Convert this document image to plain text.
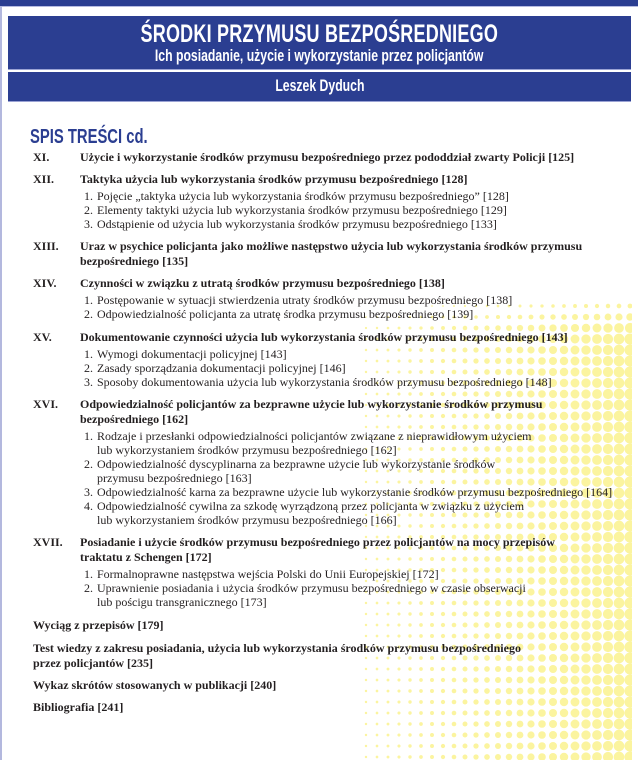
ŚRODKI PRZYMUSU BEZPOŚREDNIEGO
Ich posiadanie, użycie i wykorzystanie przez policjantów
Leszek Dyduch
SPIS TREŚCI cd.
XI.	Użycie i wykorzystanie środków przymusu bezpośredniego przez pododdział zwarty Policji [125]
XII. Taktyka użycia lub wykorzystania środków przymusu bezpośredniego [128]
1. Pojęcie „taktyka użycia lub wykorzystania środków przymusu bezpośredniego” [128]
2. Elementy taktyki użycia lub wykorzystania środków przymusu bezpośredniego [129]
3. Odstąpienie od użycia lub wykorzystania środków przymusu bezpośredniego [133]
XIII. Uraz w psychice policjanta jako możliwe następstwo użycia lub wykorzystania środków przymusu
bezpośredniego [135]
XIV. Czynności w związku z utratą środków przymusu bezpośredniego [138]
1. Postępowanie w sytuacji stwierdzenia utraty środków przymusu bezpośredniego [138]
2. Odpowiedzialność policjanta za utratę środka przymusu bezpośredniego [139]
XV. Dokumentowanie czynności użycia lub wykorzystania środków przymusu bezpośredniego [143]
1. Wymogi dokumentacji policyjnej [143]
2. Zasady sporządzania dokumentacji policyjnej [146]
3. Sposoby dokumentowania użycia lub wykorzystania środków przymusu bezpośredniego [148]
XVI. Odpowiedzialność policjantów za bezprawne użycie lub wykorzystanie środków przymusu
bezpośredniego [162]
1. Rodzaje i przesłanki odpowiedzialności policjantów związane z nieprawidłowym użyciem
lub wykorzystaniem środków przymusu bezpośredniego [162]
2. Odpowiedzialność dyscyplinarna za bezprawne użycie lub wykorzystanie środków
przymusu bezpośredniego [163]
3. Odpowiedzialność karna za bezprawne użycie lub wykorzystanie środków przymusu bezpośredniego [164]
4. Odpowiedzialność cywilna za szkodę wyrządzoną przez policjanta w związku z użyciem
lub wykorzystaniem środków przymusu bezpośredniego [166]
XVII. Posiadanie i użycie środków przymusu bezpośredniego przez policjantów na mocy przepisów
traktatu z Schengen [172]
1. Formalnoprawne następstwa wejścia Polski do Unii Europejskiej [172]
2. Uprawnienie posiadania i użycia środków przymusu bezpośredniego w czasie obserwacji
lub pościgu transgranicznego [173]
Wyciąg z przepisów [179]
Test wiedzy z zakresu posiadania, użycia lub wykorzystania środków przymusu bezpośredniego
przez policjantów [235]
Wykaz skrótów stosowanych w publikacji [240]
Bibliografia [241]
